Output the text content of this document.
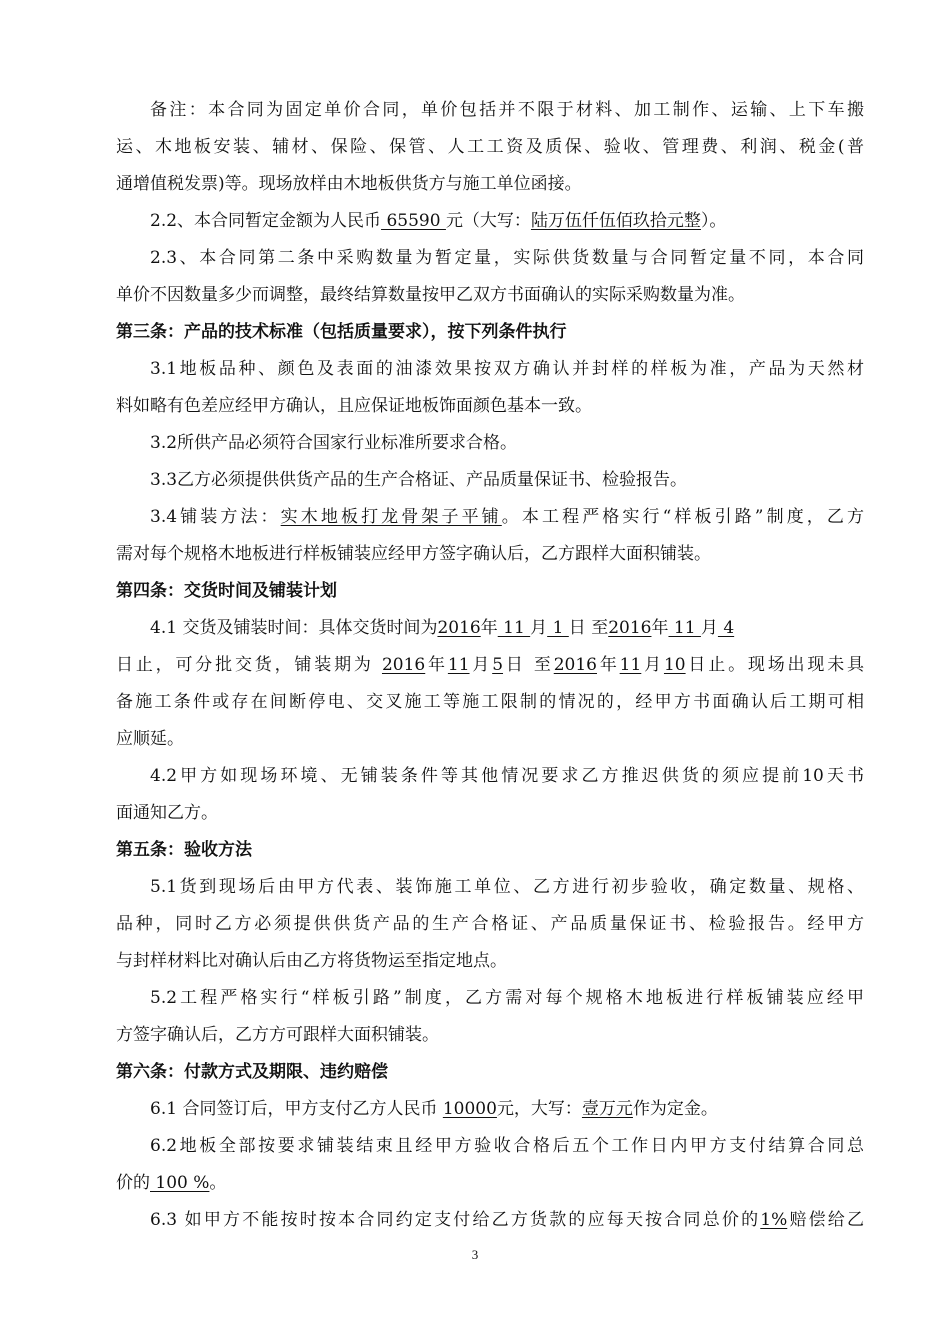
备注：本合同为固定单价合同，单价包括并不限于材料、加工制作、运输、上下车搬
运、木地板安装、辅材、保险、保管、人工工资及质保、验收、管理费、利润、税金(普
通增值税发票)等。现场放样由木地板供货方与施工单位函接。
2.2、本合同暂定金额为人民币 65590 元（大写：陆万伍仟伍佰玖拾元整）。
2.3、本合同第二条中采购数量为暂定量，实际供货数量与合同暂定量不同，本合同
单价不因数量多少而调整，最终结算数量按甲乙双方书面确认的实际采购数量为准。
第三条：产品的技术标准（包括质量要求），按下列条件执行
3.1地板品种、颜色及表面的油漆效果按双方确认并封样的样板为准，产品为天然材
料如略有色差应经甲方确认，且应保证地板饰面颜色基本一致。
3.2所供产品必须符合国家行业标准所要求合格。
3.3乙方必须提供供货产品的生产合格证、产品质量保证书、检验报告。
3.4铺装方法：实木地板打龙骨架子平铺。本工程严格实行“样板引路”制度，乙方
需对每个规格木地板进行样板铺装应经甲方签字确认后，乙方跟样大面积铺装。
第四条：交货时间及铺装计划
4.1 交货及铺装时间：具体交货时间为2016年 11 月 1 日 至2016年 11 月 4
日止，可分批交货，铺装期为 2016年11月5日 至2016年11月10日止。现场出现未具
备施工条件或存在间断停电、交叉施工等施工限制的情况的，经甲方书面确认后工期可相
应顺延。
4.2甲方如现场环境、无铺装条件等其他情况要求乙方推迟供货的须应提前10天书
面通知乙方。
第五条：验收方法
5.1货到现场后由甲方代表、装饰施工单位、乙方进行初步验收，确定数量、规格、
品种，同时乙方必须提供供货产品的生产合格证、产品质量保证书、检验报告。经甲方
与封样材料比对确认后由乙方将货物运至指定地点。
5.2工程严格实行“样板引路”制度，乙方需对每个规格木地板进行样板铺装应经甲
方签字确认后，乙方方可跟样大面积铺装。
第六条：付款方式及期限、违约赔偿
6.1 合同签订后，甲方支付乙方人民币 10000元，大写：壹万元作为定金。
6.2地板全部按要求铺装结束且经甲方验收合格后五个工作日内甲方支付结算合同总
价的 100 %。
6.3 如甲方不能按时按本合同约定支付给乙方货款的应每天按合同总价的1%赔偿给乙
3
